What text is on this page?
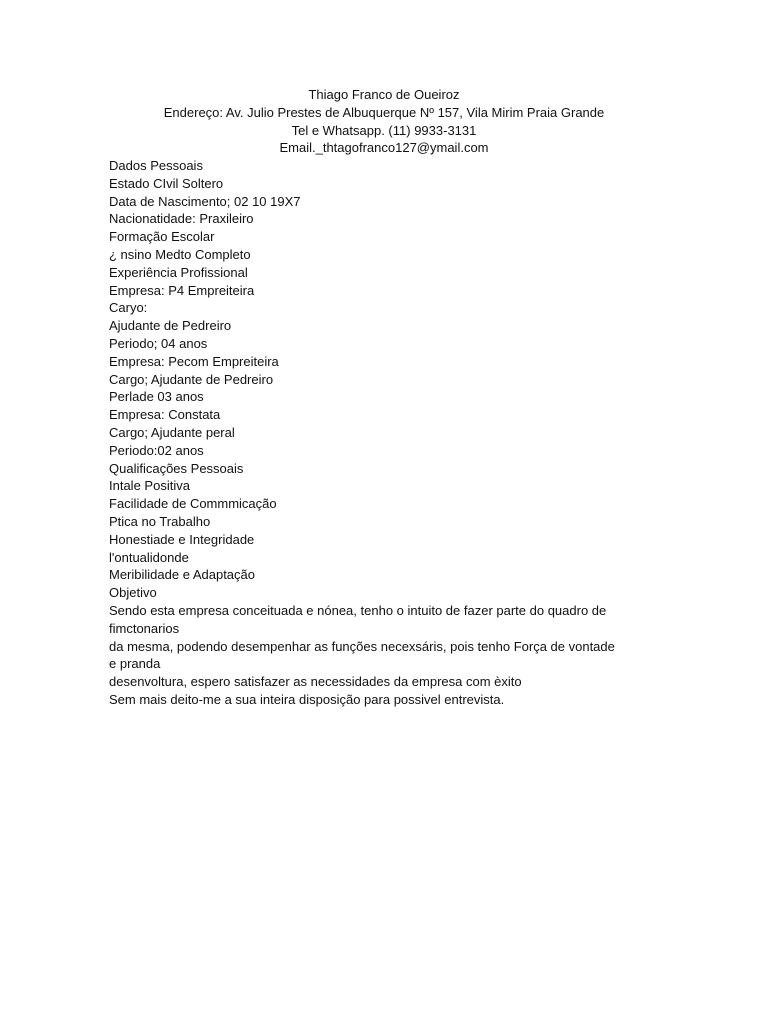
Thiago Franco de Oueiroz
Endereço: Av. Julio Prestes de Albuquerque Nº 157, Vila Mirim Praia Grande
Tel e Whatsapp. (11) 9933-3131
Email._thtagofranco127@ymail.com
Dados Pessoais
Estado CIvil Soltero
Data de Nascimento; 02 10 19X7
Nacionatidade: Praxileiro
Formação Escolar
¿ nsino Medto Completo
Experiência Profissional
Empresa: P4 Empreiteira
Caryo:
Ajudante de Pedreiro
Periodo; 04 anos
Empresa: Pecom Empreiteira
Cargo; Ajudante de Pedreiro
Perlade 03 anos
Empresa: Constata
Cargo; Ajudante peral
Periodo:02 anos
Qualificações Pessoais
Intale Positiva
Facilidade de Commmicação
Ptica no Trabalho
Honestiade e Integridade
l'ontualidonde
Meribilidade e Adaptação
Objetivo
Sendo esta empresa conceituada e nónea, tenho o intuito de fazer parte do quadro de
fimctonarios
da mesma, podendo desempenhar as funções necexsáris, pois tenho Força de vontade
e pranda
desenvoltura, espero satisfazer as necessidades da empresa com èxito
Sem mais deito-me a sua inteira disposição para possivel entrevista.
